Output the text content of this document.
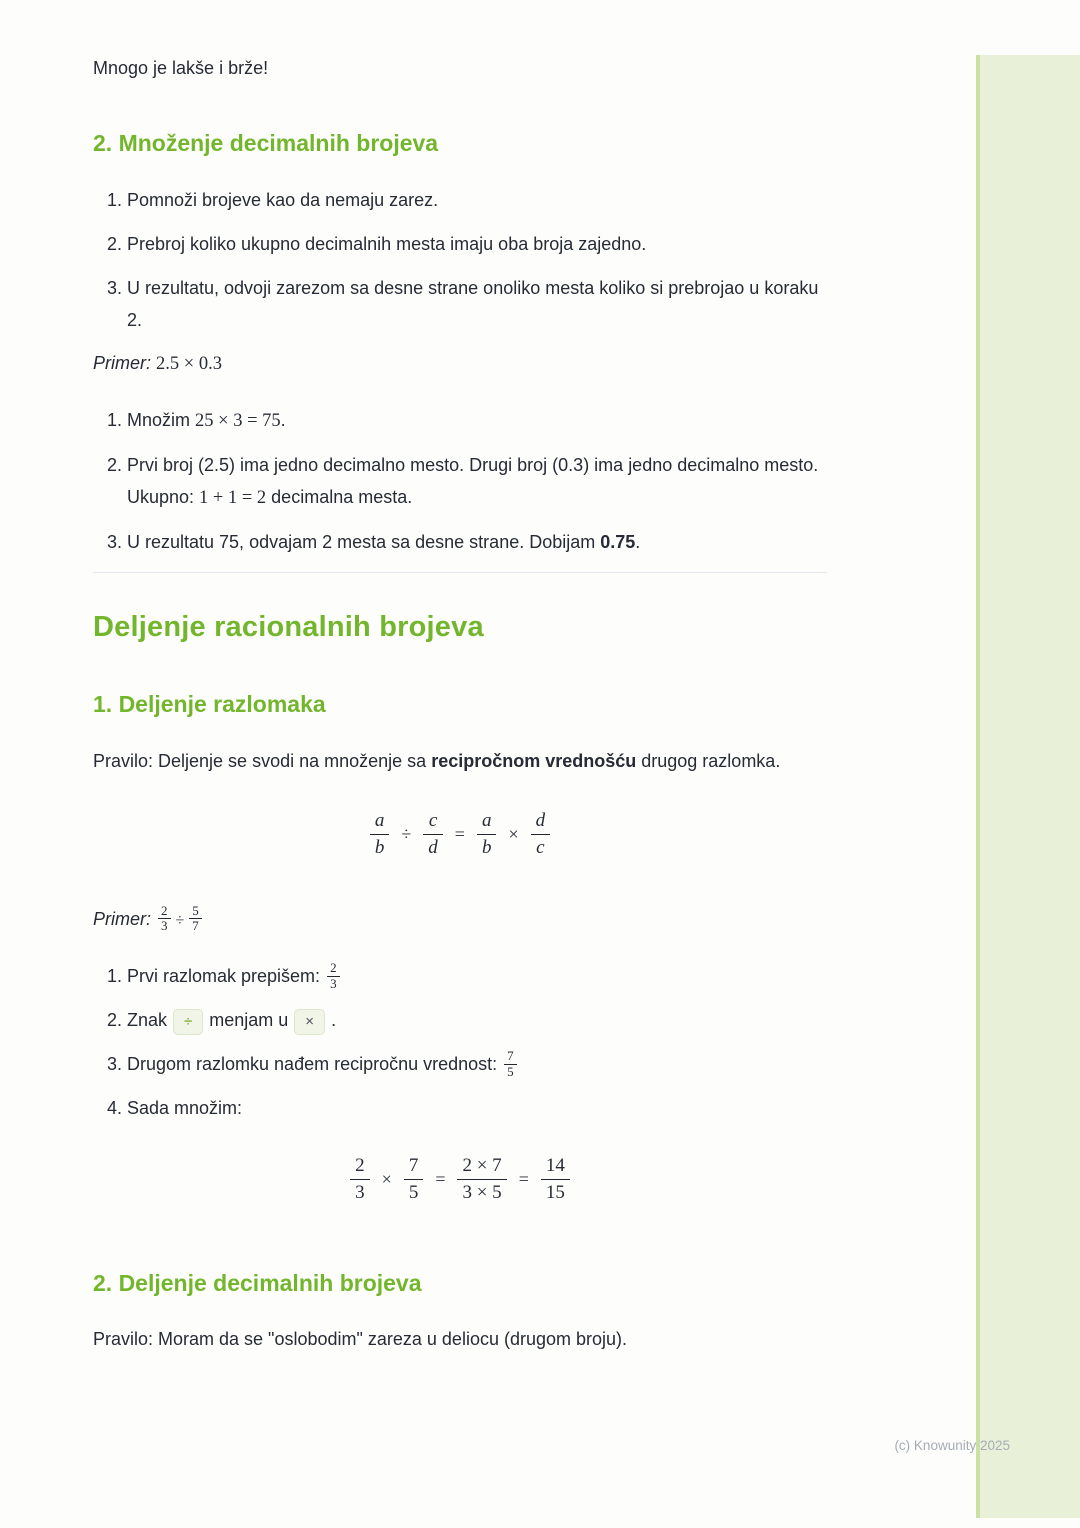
Mnogo je lakše i brže!

2. Množenje decimalnih brojeva
1. Pomnoži brojeve kao da nemaju zarez.
2. Prebroj koliko ukupno decimalnih mesta imaju oba broja zajedno.
3. U rezultatu, odvoji zarezom sa desne strane onoliko mesta koliko si prebrojao u koraku 2.

Primer: 2.5 × 0.3

1. Množim 25 × 3 = 75.
2. Prvi broj (2.5) ima jedno decimalno mesto. Drugi broj (0.3) ima jedno decimalno mesto. Ukupno: 1 + 1 = 2 decimalna mesta.
3. U rezultatu 75, odvajam 2 mesta sa desne strane. Dobijam 0.75.
Deljenje racionalnih brojeva
1. Deljenje razlomaka

Pravilo: Deljenje se svodi na množenje sa recipročnom vrednošću drugog razlomka.

$\frac{a}{b} \div \frac{c}{d} = \frac{a}{b} \times \frac{d}{c}$

Primer: $\frac{2}{3} \div \frac{5}{7}$

1. Prvi razlomak prepišem: $\frac{2}{3}$
2. Znak ÷ menjam u × .
3. Drugom razlomku nađem recipročnu vrednost: $\frac{7}{5}$
4. Sada množim:
$\frac{2}{3} \times \frac{7}{5} = \frac{2 \times 7}{3 \times 5} = \frac{14}{15}$
2. Deljenje decimalnih brojeva

Pravilo: Moram da se "oslobodim" zareza u deliocu (drugom broju).

(c) Knowunity 2025
